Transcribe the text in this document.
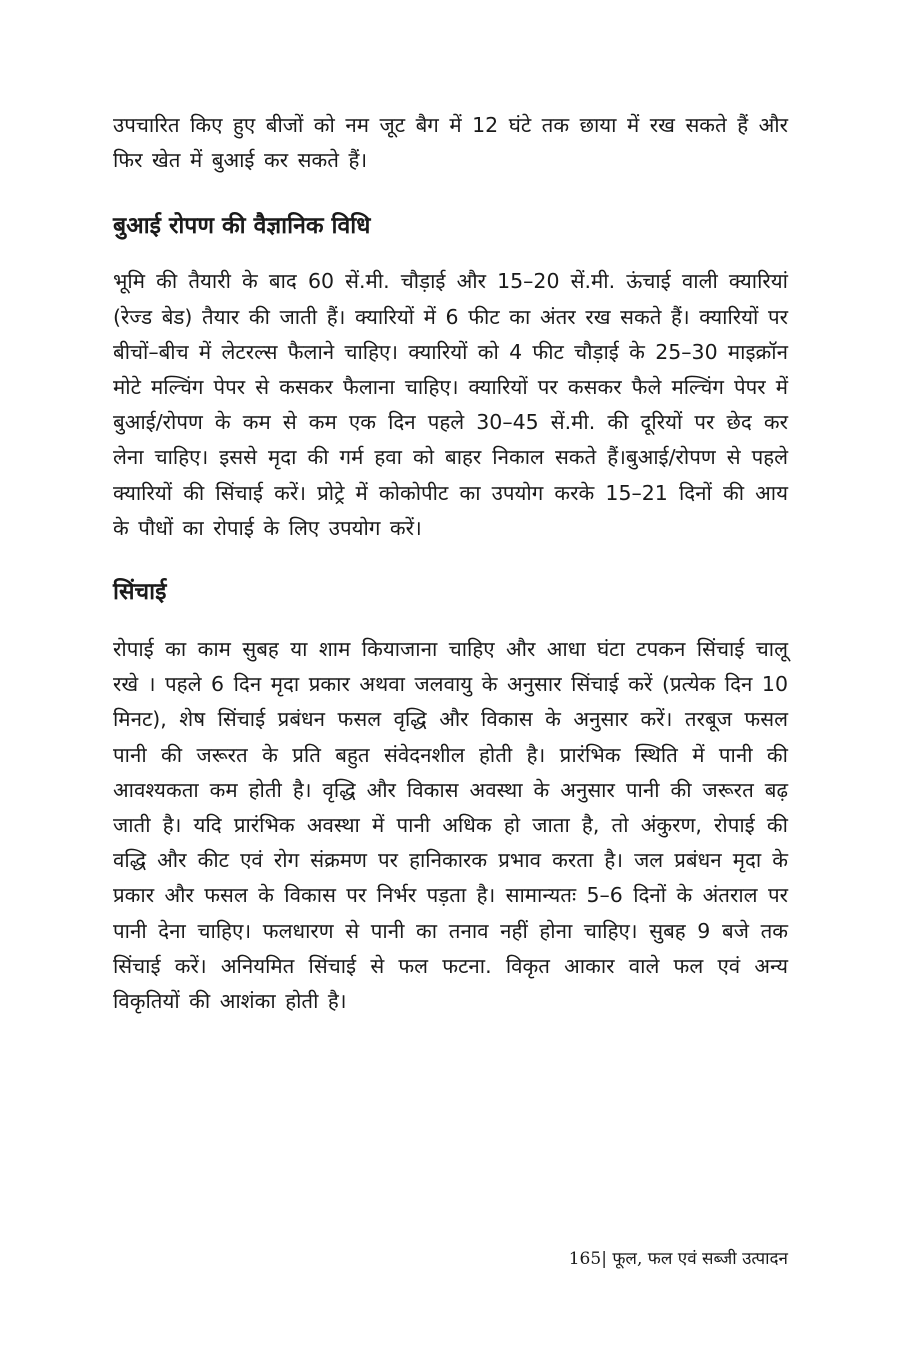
उपचारित किए हुए बीजों को नम जूट बैग में 12 घंटे तक छाया में रख सकते हैं और फिर खेत में बुआई कर सकते हैं।

बुआई रोपण की वैज्ञानिक विधि

भूमि की तैयारी के बाद 60 सें.मी. चौड़ाई और 15–20 सें.मी. ऊंचाई वाली क्यारियां (रेज्ड बेड) तैयार की जाती हैं। क्यारियों में 6 फीट का अंतर रख सकते हैं। क्यारियों पर बीचों–बीच में लेटरल्स फैलाने चाहिए। क्यारियों को 4 फीट चौड़ाई के 25–30 माइक्रॉन मोटे मल्चिंग पेपर से कसकर फैलाना चाहिए। क्यारियों पर कसकर फैले मल्चिंग पेपर में बुआई/रोपण के कम से कम एक दिन पहले 30–45 सें.मी. की दूरियों पर छेद कर लेना चाहिए। इससे मृदा की गर्म हवा को बाहर निकाल सकते हैं।बुआई/रोपण से पहले क्यारियों की सिंचाई करें। प्रोट्रे में कोकोपीट का उपयोग करके 15–21 दिनों की आय के पौधों का रोपाई के लिए उपयोग करें।

सिंचाई

रोपाई का काम सुबह या शाम कियाजाना चाहिए और आधा घंटा टपकन सिंचाई चालू रखे । पहले 6 दिन मृदा प्रकार अथवा जलवायु के अनुसार सिंचाई करें (प्रत्येक दिन 10 मिनट), शेष सिंचाई प्रबंधन फसल वृद्धि और विकास के अनुसार करें। तरबूज फसल पानी की जरूरत के प्रति बहुत संवेदनशील होती है। प्रारंभिक स्थिति में पानी की आवश्यकता कम होती है। वृद्धि और विकास अवस्था के अनुसार पानी की जरूरत बढ़ जाती है। यदि प्रारंभिक अवस्था में पानी अधिक हो जाता है, तो अंकुरण, रोपाई की वद्धि और कीट एवं रोग संक्रमण पर हानिकारक प्रभाव करता है। जल प्रबंधन मृदा के प्रकार और फसल के विकास पर निर्भर पड़ता है। सामान्यतः 5–6 दिनों के अंतराल पर पानी देना चाहिए। फलधारण से पानी का तनाव नहीं होना चाहिए। सुबह 9 बजे तक सिंचाई करें। अनियमित सिंचाई से फल फटना. विकृत आकार वाले फल एवं अन्य विकृतियों की आशंका होती है।

165| फूल, फल एवं सब्जी उत्पादन
